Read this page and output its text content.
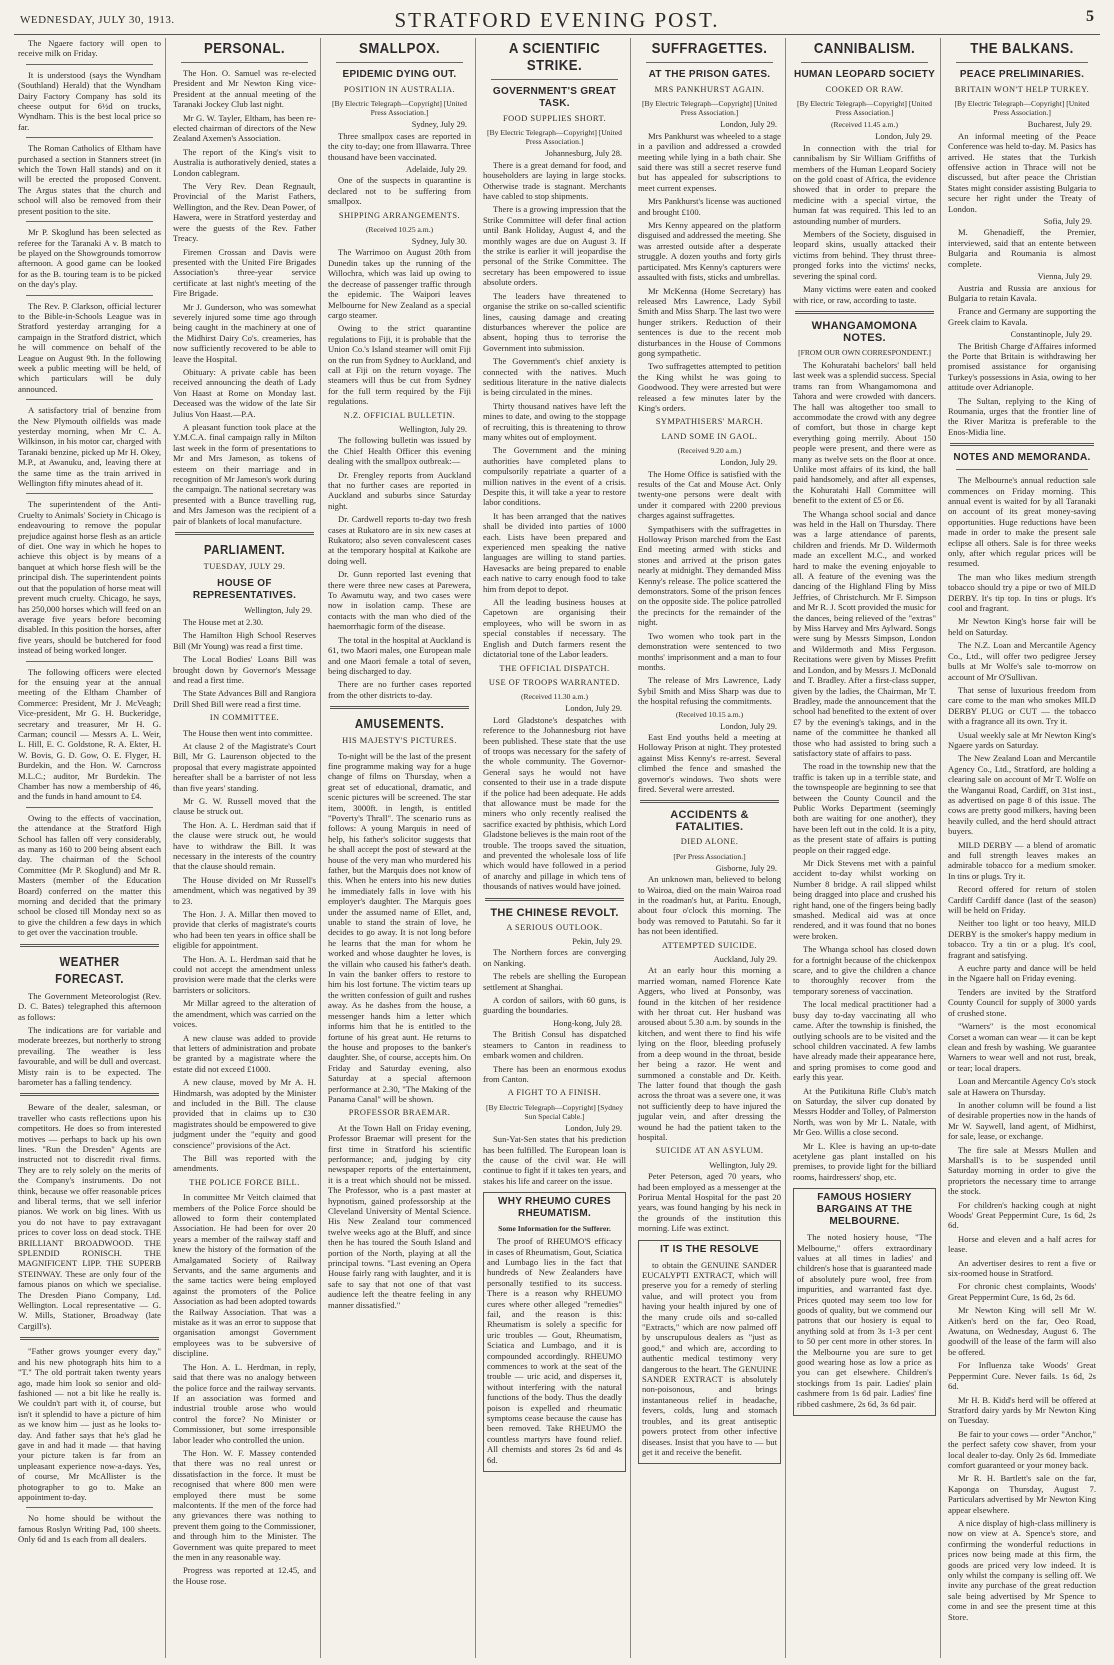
WEDNESDAY, JULY 30, 1913.	STRATFORD EVENING POST.	5

The Ngaere factory will open to receive milk on Friday.

It is understood (says the Wyndham (Southland) Herald) that the Wyndham Dairy Factory Company has sold its cheese output for 6½d on trucks, Wyndham. This is the best local price so far.

The Roman Catholics of Eltham have purchased a section in Stanners street (in which the Town Hall stands) and on it will be erected the proposed Convent. The Argus states that the church and school will also be removed from their present position to the site.

Mr P. Skoglund has been selected as referee for the Taranaki A v. B match to be played on the Showgrounds tomorrow afternoon. A good game can be looked for as the B. touring team is to be picked on the day's play.

The Rev. P. Clarkson, official lecturer to the Bible-in-Schools League was in Stratford yesterday arranging for a campaign in the Stratford district, which he will commence on behalf of the League on August 9th. In the following week a public meeting will be held, of which particulars will be duly announced.

A satisfactory trial of benzine from the New Plymouth oilfields was made yesterday morning, when Mr C. A. Wilkinson, in his motor car, charged with Taranaki benzine, picked up Mr H. Okey, M.P., at Awanuku, and, leaving there at the same time as the train arrived in Wellington fifty minutes ahead of it.

The superintendent of the Anti-Cruelty to Animals' Society in Chicago is endeavouring to remove the popular prejudice against horse flesh as an article of diet. One way in which he hopes to achieve this object is by means of a banquet at which horse flesh will be the principal dish. The superintendent points out that the population of horse meat will prevent much cruelty. Chicago, he says, has 250,000 horses which will feed on an average five years before becoming disabled. In this position the horses, after five years, should be butchered for food instead of being worked longer.

The following officers were elected for the ensuing year at the annual meeting of the Eltham Chamber of Commerce: President, Mr J. McVeagh; Vice-president, Mr G. H. Buckeridge, secretary and treasurer, Mr H. G. Carman; council — Messrs A. L. Weir, L. Hill, E. C. Goldstone, R. A. Ekter, H. W. Bovis, G. D. Gow, O. E. Flyger, H. Burdekin, and the Hon. W. Carncross M.L.C.; auditor, Mr Burdekin. The Chamber has now a membership of 46, and the funds in hand amount to £4.

Owing to the effects of vaccination, the attendance at the Stratford High School has fallen off very considerably, as many as 160 to 200 being absent each day. The chairman of the School Committee (Mr P. Skoglund) and Mr R. Masters (member of the Education Board) conferred on the matter this morning and decided that the primary school be closed till Monday next so as to give the children a few days in which to get over the vaccination trouble.

WEATHER FORECAST.

The Government Meteorologist (Rev. D. C. Bates) telegraphed this afternoon as follows:

The indications are for variable and moderate breezes, but northerly to strong prevailing. The weather is less favourable, and will be dull and overcast. Misty rain is to be expected. The barometer has a falling tendency.

Beware of the dealer, salesman, or traveller who casts reflections upon his competitors. He does so from interested motives — perhaps to back up his own lines. "Run the Dresden" Agents are instructed not to discredit rival firms. They are to rely solely on the merits of the Company's instruments. Do not think, because we offer reasonable prices and liberal terms, that we sell inferior pianos. We work on big lines. With us you do not have to pay extravagant prices to cover loss on dead stock. THE BRILLIANT BROADWOOD. THE SPLENDID RONISCH. THE MAGNIFICENT LIPP. THE SUPERB STEINWAY. These are only four of the famous pianos on which we specialise. The Dresden Piano Company, Ltd. Wellington. Local representative — G. W. Mills, Stationer, Broadway (late Cargill's).

"Father grows younger every day," and his new photograph hits him to a "T." The old portrait taken twenty years ago, made him look so senior and old-fashioned — not a bit like he really is. We couldn't part with it, of course, but isn't it splendid to have a picture of him as we know him — just as he looks to-day. And father says that he's glad he gave in and had it made — that having your picture taken is far from an unpleasant experience now-a-days. Yes, of course, Mr McAllister is the photographer to go to. Make an appointment to-day.

No home should be without the famous Roslyn Writing Pad, 100 sheets. Only 6d and 1s each from all dealers.

PERSONAL.

The Hon. O. Samuel was re-elected President and Mr Newton King vice-President at the annual meeting of the Taranaki Jockey Club last night.

Mr G. W. Tayler, Eltham, has been re-elected chairman of directors of the New Zealand Axemen's Association.

The report of the King's visit to Australia is authoratively denied, states a London cablegram.

The Very Rev. Dean Regnault, Provincial of the Marist Fathers, Wellington, and the Rev. Dean Power, of Hawera, were in Stratford yesterday and were the guests of the Rev. Father Treacy.

Firemen Crossan and Davis were presented with the United Fire Brigades Association's three-year service certificate at last night's meeting of the Fire Brigade.

Mr J. Gunderson, who was somewhat severely injured some time ago through being caught in the machinery at one of the Midhirst Dairy Co's. creameries, has now sufficiently recovered to be able to leave the Hospital.

Obituary: A private cable has been received announcing the death of Lady Von Haast at Rome on Monday last. Deceased was the widow of the late Sir Julius Von Haast.—P.A.

A pleasant function took place at the Y.M.C.A. final campaign rally in Milton last week in the form of presentations to Mr and Mrs Jameson, as tokens of esteem on their marriage and in recognition of Mr Jameson's work during the campaign. The national secretary was presented with a Bunce travelling rug, and Mrs Jameson was the recipient of a pair of blankets of local manufacture.

PARLIAMENT.
TUESDAY, JULY 29.
HOUSE OF REPRESENTATIVES.
Wellington, July 29.

The House met at 2.30.

The Hamilton High School Reserves Bill (Mr Young) was read a first time.

The Local Bodies' Loans Bill was brought down by Governor's Message and read a first time.

The State Advances Bill and Rangiora Drill Shed Bill were read a first time.

IN COMMITTEE.

The House then went into committee.

At clause 2 of the Magistrate's Court Bill, Mr G. Laurenson objected to the proposal that every magistrate appointed hereafter shall be a barrister of not less than five years' standing.

Mr G. W. Russell moved that the clause be struck out.

The Hon. A. L. Herdman said that if the clause were struck out, he would have to withdraw the Bill. It was necessary in the interests of the country that the clause should remain.

The House divided on Mr Russell's amendment, which was negatived by 39 to 23.

The Hon. J. A. Millar then moved to provide that clerks of magistrate's courts who had been ten years in office shall be eligible for appointment.

The Hon. A. L. Herdman said that he could not accept the amendment unless provision were made that the clerks were barristers or solicitors.

Mr Millar agreed to the alteration of the amendment, which was carried on the voices.

A new clause was added to provide that letters of administration and probate be granted by a magistrate where the estate did not exceed £1000.

A new clause, moved by Mr A. H. Hindmarsh, was adopted by the Minister and included in the Bill. The clause provided that in claims up to £30 magistrates should be empowered to give judgment under the "equity and good conscience" provisions of the Act.

The Bill was reported with the amendments.

THE POLICE FORCE BILL.

In committee Mr Veitch claimed that members of the Police Force should be allowed to form their contemplated Association. He had been for over 20 years a member of the railway staff and knew the history of the formation of the Amalgamated Society of Railway Servants, and the same arguments and the same tactics were being employed against the promoters of the Police Association as had been adopted towards the Railway Association. That was a mistake as it was an error to suppose that organisation amongst Government employees was to be subversive of discipline.

The Hon. A. L. Herdman, in reply, said that there was no analogy between the police force and the railway servants. If an association was formed and industrial trouble arose who would control the force? No Minister or Commissioner, but some irresponsible labor leader who controlled the union.

The Hon. W. F. Massey contended that there was no real unrest or dissatisfaction in the force. It must be recognised that where 800 men were employed there must be some malcontents. If the men of the force had any grievances there was nothing to prevent them going to the Commissioner, and through him to the Minister. The Government was quite prepared to meet the men in any reasonable way.

Progress was reported at 12.45, and the House rose.

SMALLPOX.
EPIDEMIC DYING OUT.
POSITION IN AUSTRALIA.
[By Electric Telegraph—Copyright] [United Press Association.]
Sydney, July 29.

Three smallpox cases are reported in the city to-day; one from Illawarra. Three thousand have been vaccinated.

Adelaide, July 29.

One of the suspects in quarantine is declared not to be suffering from smallpox.

SHIPPING ARRANGEMENTS.
(Received 10.25 a.m.)
Sydney, July 30.

The Warrimoo on August 20th from Dunedin takes up the running of the Willochra, which was laid up owing to the decrease of passenger traffic through the epidemic. The Waipori leaves Melbourne for New Zealand as a special cargo steamer.

Owing to the strict quarantine regulations to Fiji, it is probable that the Union Co.'s Island steamer will omit Fiji on the run from Sydney to Auckland, and call at Fiji on the return voyage. The steamers will thus be cut from Sydney for the full term required by the Fiji regulations.

N.Z. OFFICIAL BULLETIN.
Wellington, July 29.

The following bulletin was issued by the Chief Health Officer this evening dealing with the smallpox outbreak:—

Dr. Frengley reports from Auckland that no further cases are reported in Auckland and suburbs since Saturday night.

Dr. Cardwell reports to-day two fresh cases at Rukatoro are in six new cases at Rukatoro; also seven convalescent cases at the temporary hospital at Kaikohe are doing well.

Dr. Gunn reported last evening that there were three new cases at Parewera, To Awamutu way, and two cases were now in isolation camp. These are contacts with the man who died of the haemorrhagic form of the disease.

The total in the hospital at Auckland is 61, two Maori males, one European male and one Maori female a total of seven, being discharged to day.

There are no further cases reported from the other districts to-day.

AMUSEMENTS.
HIS MAJESTY'S PICTURES.

To-night will be the last of the present fine programme making way for a huge change of films on Thursday, when a great set of educational, dramatic, and scenic pictures will be screened. The star item, 3000ft. in length, is entitled "Poverty's Thrall". The scenario runs as follows: A young Marquis in need of help, his father's solicitor suggests that he shall accept the post of steward at the house of the very man who murdered his father, but the Marquis does not know of this. When he enters into his new duties he immediately falls in love with his employer's daughter. The Marquis goes under the assumed name of Ellet, and, unable to stand the strain of love, he decides to go away. It is not long before he learns that the man for whom he worked and whose daughter he loves, is the villain who caused his father's death. In vain the banker offers to restore to him his lost fortune. The victim tears up the written confession of guilt and rushes away. As he dashes from the house, a messenger hands him a letter which informs him that he is entitled to the fortune of his great aunt. He returns to the house and proposes to the banker's daughter. She, of course, accepts him. On Friday and Saturday evening, also Saturday at a special afternoon performance at 2.30, "The Making of the Panama Canal" will be shown.

PROFESSOR BRAEMAR.

At the Town Hall on Friday evening, Professor Braemar will present for the first time in Stratford his scientific performance; and, judging by city newspaper reports of the entertainment, it is a treat which should not be missed. The Professor, who is a past master at hypnotism, gained professorship at the Cleveland University of Mental Science. His New Zealand tour commenced twelve weeks ago at the Bluff, and since then he has toured the South Island and portion of the North, playing at all the principal towns. "Last evening an Opera House fairly rang with laughter, and it is safe to say that not one of that vast audience left the theatre feeling in any manner dissatisfied."

A SCIENTIFIC STRIKE.
GOVERNMENT'S GREAT TASK.
FOOD SUPPLIES SHORT.
[By Electric Telegraph—Copyright] [United Press Association.]
Johannesburg, July 28.

There is a great demand for food, and householders are laying in large stocks. Otherwise trade is stagnant. Merchants have cabled to stop shipments.

There is a growing impression that the Strike Committee will defer final action until Bank Holiday, August 4, and the monthly wages are due on August 3. If the strike is earlier it will jeopardise the personal of the Strike Committee. The secretary has been empowered to issue absolute orders.

The leaders have threatened to organise the strike on so-called scientific lines, causing damage and creating disturbances wherever the police are absent, hoping thus to terrorise the Government into submission.

The Government's chief anxiety is connected with the natives. Much seditious literature in the native dialects is being circulated in the mines.

Thirty thousand natives have left the mines to date, and owing to the stoppage of recruiting, this is threatening to throw many whites out of employment.

The Government and the mining authorities have completed plans to compulsorily repatriate a quarter of a million natives in the event of a crisis. Despite this, it will take a year to restore labor conditions.

It has been arranged that the natives shall be divided into parties of 1000 each. Lists have been prepared and experienced men speaking the native languages are willing to stand parties. Havesacks are being prepared to enable each native to carry enough food to take him from depot to depot.

All the leading business houses at Capetown are organising their employees, who will be sworn in as special constables if necessary. The English and Dutch farmers resent the dictatorial tone of the Labor leaders.

THE OFFICIAL DISPATCH.
USE OF TROOPS WARRANTED.
(Received 11.30 a.m.)
London, July 29.

Lord Gladstone's despatches with reference to the Johannesburg riot have been published. These state that the use of troops was necessary for the safety of the whole community. The Governor-General says he would not have consented to their use in a trade dispute if the police had been adequate. He adds that allowance must be made for the miners who only recently realised the sacrifice exacted by phthisis, which Lord Gladstone believes is the main root of the trouble. The troops saved the situation, and prevented the wholesale loss of life which would have followed in a period of anarchy and pillage in which tens of thousands of natives would have joined.

THE CHINESE REVOLT.
A SERIOUS OUTLOOK.
Pekin, July 29.

The Northern forces are converging on Nanking.

The rebels are shelling the European settlement at Shanghai.

A cordon of sailors, with 60 guns, is guarding the boundaries.

Hong-kong, July 28.

The British Consul has dispatched steamers to Canton in readiness to embark women and children.

There has been an enormous exodus from Canton.

A FIGHT TO A FINISH.
[By Electric Telegraph—Copyright] [Sydney Sun Special Cable.]
London, July 29.

Sun-Yat-Sen states that his prediction has been fulfilled. The European loan is the cause of the civil war. He will continue to fight if it takes ten years, and stakes his life and career on the issue.

WHY RHEUMO CURES RHEUMATISM.
Some Information for the Sufferer.

The proof of RHEUMO'S efficacy in cases of Rheumatism, Gout, Sciatica and Lumbago lies in the fact that hundreds of New Zealanders have personally testified to its success. There is a reason why RHEUMO cures where other alleged "remedies" fail, and the reason is this: Rheumatism is solely a specific for uric troubles — Gout, Rheumatism, Sciatica and Lumbago, and it is compounded accordingly. RHEUMO commences to work at the seat of the trouble — uric acid, and disperses it, without interfering with the natural functions of the body. Thus the deadly poison is expelled and rheumatic symptoms cease because the cause has been removed. Take RHEUMO the countless martyrs have found relief. All chemists and stores 2s 6d and 4s 6d.

SUFFRAGETTES.
AT THE PRISON GATES.
MRS PANKHURST AGAIN.
[By Electric Telegraph—Copyright] [United Press Association.]
London, July 29.

Mrs Pankhurst was wheeled to a stage in a pavilion and addressed a crowded meeting while lying in a bath chair. She said there was still a secret reserve fund but has appealed for subscriptions to meet current expenses.

Mrs Pankhurst's license was auctioned and brought £100.

Mrs Kenny appeared on the platform disguised and addressed the meeting. She was arrested outside after a desperate struggle. A dozen youths and forty girls participated. Mrs Kenny's capturers were assaulted with fists, sticks and umbrellas.

Mr McKenna (Home Secretary) has released Mrs Lawrence, Lady Sybil Smith and Miss Sharp. The last two were hunger strikers. Reduction of their sentences is due to the recent mob disturbances in the House of Commons gong sympathetic.

Two suffragettes attempted to petition the King whilst he was going to Goodwood. They were arrested but were released a few minutes later by the King's orders.

SYMPATHISERS' MARCH.
LAND SOME IN GAOL.
(Received 9.20 a.m.)
London, July 29.

The Home Office is satisfied with the results of the Cat and Mouse Act. Only twenty-one persons were dealt with under it compared with 2200 previous charges against suffragettes.

Sympathisers with the suffragettes in Holloway Prison marched from the East End meeting armed with sticks and stones and arrived at the prison gates nearly at midnight. They demanded Miss Kenny's release. The police scattered the demonstrators. Some of the prison fences on the opposite side. The police patrolled the precincts for the remainder of the night.

Two women who took part in the demonstration were sentenced to two months' imprisonment and a man to four months.

The release of Mrs Lawrence, Lady Sybil Smith and Miss Sharp was due to the hospital refusing the commitments.

(Received 10.15 a.m.)
London, July 29.

East End youths held a meeting at Holloway Prison at night. They protested against Miss Kenny's re-arrest. Several climbed the fence and smashed the governor's windows. Two shots were fired. Several were arrested.

ACCIDENTS & FATALITIES.
DIED ALONE.
[Per Press Association.]
Gisborne, July 29.

An unknown man, believed to belong to Wairoa, died on the main Wairoa road in the roadman's hut, at Paritu. Enough, about four o'clock this morning. The body was removed to Patutahi. So far it has not been identified.

ATTEMPTED SUICIDE.
Auckland, July 29.

At an early hour this morning a married woman, named Florence Kate Aggers, who lived at Ponsonby, was found in the kitchen of her residence with her throat cut. Her husband was aroused about 5.30 a.m. by sounds in the kitchen, and went there to find his wife lying on the floor, bleeding profusely from a deep wound in the throat, beside her being a razor. He went and summoned a constable and Dr. Keith. The latter found that though the gash across the throat was a severe one, it was not sufficiently deep to have injured the jugular vein, and after dressing the wound he had the patient taken to the hospital.

SUICIDE AT AN ASYLUM.
Wellington, July 29.

Peter Peterson, aged 70 years, who had been employed as a messenger at the Porirua Mental Hospital for the past 20 years, was found hanging by his neck in the grounds of the institution this morning. Life was extinct.

IT IS THE RESOLVE

to obtain the GENUINE SANDER EUCALYPTI EXTRACT, which will preserve you for a remedy of sterling value, and will protect you from having your health injured by one of the many crude oils and so-called "Extracts," which are now palmed off by unscrupulous dealers as "just as good," and which are, according to authentic medical testimony very dangerous to the heart. The GENUINE SANDER EXTRACT is absolutely non-poisonous, and brings instantaneous relief in headache, fevers, colds, lung and stomach troubles, and its great antiseptic powers protect from other infective diseases. Insist that you have to — but get it and receive the benefit.

CANNIBALISM.
HUMAN LEOPARD SOCIETY
COOKED OR RAW.
[By Electric Telegraph—Copyright] [United Press Association.]
(Received 11.45 a.m.)
London, July 29.

In connection with the trial for cannibalism by Sir William Griffiths of members of the Human Leopard Society on the gold coast of Africa, the evidence showed that in order to prepare the medicine with a special virtue, the human fat was required. This led to an astounding number of murders.

Members of the Society, disguised in leopard skins, usually attacked their victims from behind. They thrust three-pronged forks into the victims' necks, severing the spinal cord.

Many victims were eaten and cooked with rice, or raw, according to taste.

WHANGAMOMONA NOTES.
[FROM OUR OWN CORRESPONDENT.]

The Kohuratahi bachelors' ball held last week was a splendid success. Special trams ran from Whangamomona and Tahora and were crowded with dancers. The hall was altogether too small to accommodate the crowd with any degree of comfort, but those in charge kept everything going merrily. About 150 people were present, and there were as many as twelve sets on the floor at once. Unlike most affairs of its kind, the ball paid handsomely, and after all expenses, the Kohuratahi Hall Committee will benefit to the extent of £5 or £6.

The Whanga school social and dance was held in the Hall on Thursday. There was a large attendance of parents, children and friends. Mr D. Wildermoth made an excellent M.C., and worked hard to make the evening enjoyable to all. A feature of the evening was the dancing of the Highland Fling by Miss Jeffries, of Christchurch. Mr F. Simpson and Mr R. J. Scott provided the music for the dances, being relieved of the "extras" by Miss Harvey and Mrs Aylward. Songs were sung by Messrs Simpson, London and Wildermoth and Miss Ferguson. Recitations were given by Misses Prefitt and London, and by Messrs J. McDonald and T. Bradley. After a first-class supper, given by the ladies, the Chairman, Mr T. Bradley, made the announcement that the school had benefited to the extent of over £7 by the evening's takings, and in the name of the committee he thanked all those who had assisted to bring such a satisfactory state of affairs to pass.

The road in the township new that the traffic is taken up in a terrible state, and the townspeople are beginning to see that between the County Council and the Public Works Department (seemingly both are waiting for one another), they have been left out in the cold. It is a pity, as the present state of affairs is putting people on their ragged edge.

Mr Dick Stevens met with a painful accident to-day whilst working on Number 8 bridge. A rail slipped whilst being dragged into place and crushed his right hand, one of the fingers being badly smashed. Medical aid was at once rendered, and it was found that no bones were broken.

The Whanga school has closed down for a fortnight because of the chickenpox scare, and to give the children a chance to thoroughly recover from the temporary soreness of vaccination.

The local medical practitioner had a busy day to-day vaccinating all who came. After the township is finished, the outlying schools are to be visited and the school children vaccinated. A few lambs have already made their appearance here, and spring promises to come good and early this year.

At the Putikituna Rifle Club's match on Saturday, the silver cup donated by Messrs Hodder and Tolley, of Palmerston North, was won by Mr L. Natale, with Mr Geo. Willis a close second.

Mr L. Klee is having an up-to-date acetylene gas plant installed on his premises, to provide light for the billiard rooms, hairdressers' shop, etc.

FAMOUS HOSIERY BARGAINS AT THE MELBOURNE.

The noted hosiery house, "The Melbourne," offers extraordinary values at all times in ladies' and children's hose that is guaranteed made of absolutely pure wool, free from impurities, and warranted fast dye. Prices quoted may seem too low for goods of quality, but we commend our patrons that our hosiery is equal to anything sold at from 3s 1-3 per cent to 50 per cent more in other stores. In the Melbourne you are sure to get good wearing hose as low a price as you can get elsewhere. Children's stockings from 1s pair. Ladies' plain cashmere from 1s 6d pair. Ladies' fine ribbed cashmere, 2s 6d, 3s 6d pair.

THE BALKANS.
PEACE PRELIMINARIES.
BRITAIN WON'T HELP TURKEY.
[By Electric Telegraph—Copyright] [United Press Association.]
Bucharest, July 29.

An informal meeting of the Peace Conference was held to-day. M. Pasics has arrived. He states that the Turkish offensive action in Thrace will not be discussed, but after peace the Christian States might consider assisting Bulgaria to secure her right under the Treaty of London.

Sofia, July 29.

M. Ghenadieff, the Premier, interviewed, said that an entente between Bulgaria and Roumania is almost complete.

Vienna, July 29.

Austria and Russia are anxious for Bulgaria to retain Kavala.

France and Germany are supporting the Greek claim to Kavala.

Constantinople, July 29.

The British Charge d'Affaires informed the Porte that Britain is withdrawing her promised assistance for organising Turkey's possessions in Asia, owing to her attitude over Adrianople.

The Sultan, replying to the King of Roumania, urges that the frontier line of the River Maritza is preferable to the Enos-Midia line.

NOTES AND MEMORANDA.

The Melbourne's annual reduction sale commences on Friday morning. This annual event is waited for by all Taranaki on account of its great money-saving opportunities. Huge reductions have been made in order to make the present sale eclipse all others. Sale is for three weeks only, after which regular prices will be resumed.

The man who likes medium strength tobacco should try a pipe or two of MILD DERBY. It's tip top. In tins or plugs. It's cool and fragrant.

Mr Newton King's horse fair will be held on Saturday.

The N.Z. Loan and Mercantile Agency Co., Ltd., will offer two pedigree Jersey bulls at Mr Wolfe's sale to-morrow on account of Mr O'Sullivan.

That sense of luxurious freedom from care come to the man who smokes MILD DERBY PLUG or CUT — the tobacco with a fragrance all its own. Try it.

Usual weekly sale at Mr Newton King's Ngaere yards on Saturday.

The New Zealand Loan and Mercantile Agency Co., Ltd., Stratford, are holding a clearing sale on account of Mr T. Wolfe on the Wanganui Road, Cardiff, on 31st inst., as advertised on page 8 of this issue. The cows are pretty good milkers, having been heavily culled, and the herd should attract buyers.

MILD DERBY — a blend of aromatic and full strength leaves makes an admirable tobacco for a medium smoker. In tins or plugs. Try it.

Record offered for return of stolen Cardiff Cardiff dance (last of the season) will be held on Friday.

Neither too light or too heavy, MILD DERBY is the smoker's happy medium in tobacco. Try a tin or a plug. It's cool, fragrant and satisfying.

A euchre party and dance will be held in the Ngaere hall on Friday evening.

Tenders are invited by the Stratford County Council for supply of 3000 yards of crushed stone.

"Warners" is the most economical Corset a woman can wear — it can be kept clean and fresh by washing. We guarantee Warners to wear well and not rust, break, or tear; local drapers.

Loan and Mercantile Agency Co's stock sale at Hawera on Thursday.

In another column will be found a list of desirable properties now in the hands of Mr W. Saywell, land agent, of Midhirst, for sale, lease, or exchange.

The fire sale at Messrs Mullen and Marshall's is to be suspended until Saturday morning in order to give the proprietors the necessary time to arrange the stock.

For children's hacking cough at night Woods' Great Peppermint Cure, 1s 6d, 2s 6d.

Horse and eleven and a half acres for lease.

An advertiser desires to rent a five or six-roomed house in Stratford.

For chronic chest complaints, Woods' Great Peppermint Cure, 1s 6d, 2s 6d.

Mr Newton King will sell Mr W. Aitken's herd on the far, Oeo Road, Awatuna, on Wednesday, August 6. The goodwill of the lease of the farm will also be offered.

For Influenza take Woods' Great Peppermint Cure. Never fails. 1s 6d, 2s 6d.

Mr H. B. Kidd's herd will be offered at Stratford dairy yards by Mr Newton King on Tuesday.

Be fair to your cows — order "Anchor," the perfect safety cow shaver, from your local dealer to-day. Only 2s 6d. Immediate comfort guaranteed or your money back.

Mr R. H. Bartlett's sale on the far, Kaponga on Thursday, August 7. Particulars advertised by Mr Newton King appear elsewhere.

A nice display of high-class millinery is now on view at A. Spence's store, and confirming the wonderful reductions in prices now being made at this firm, the goods are priced very low indeed. It is only whilst the company is selling off. We invite any purchase of the great reduction sale being advertised by Mr Spence to come in and see the present time at this Store.
